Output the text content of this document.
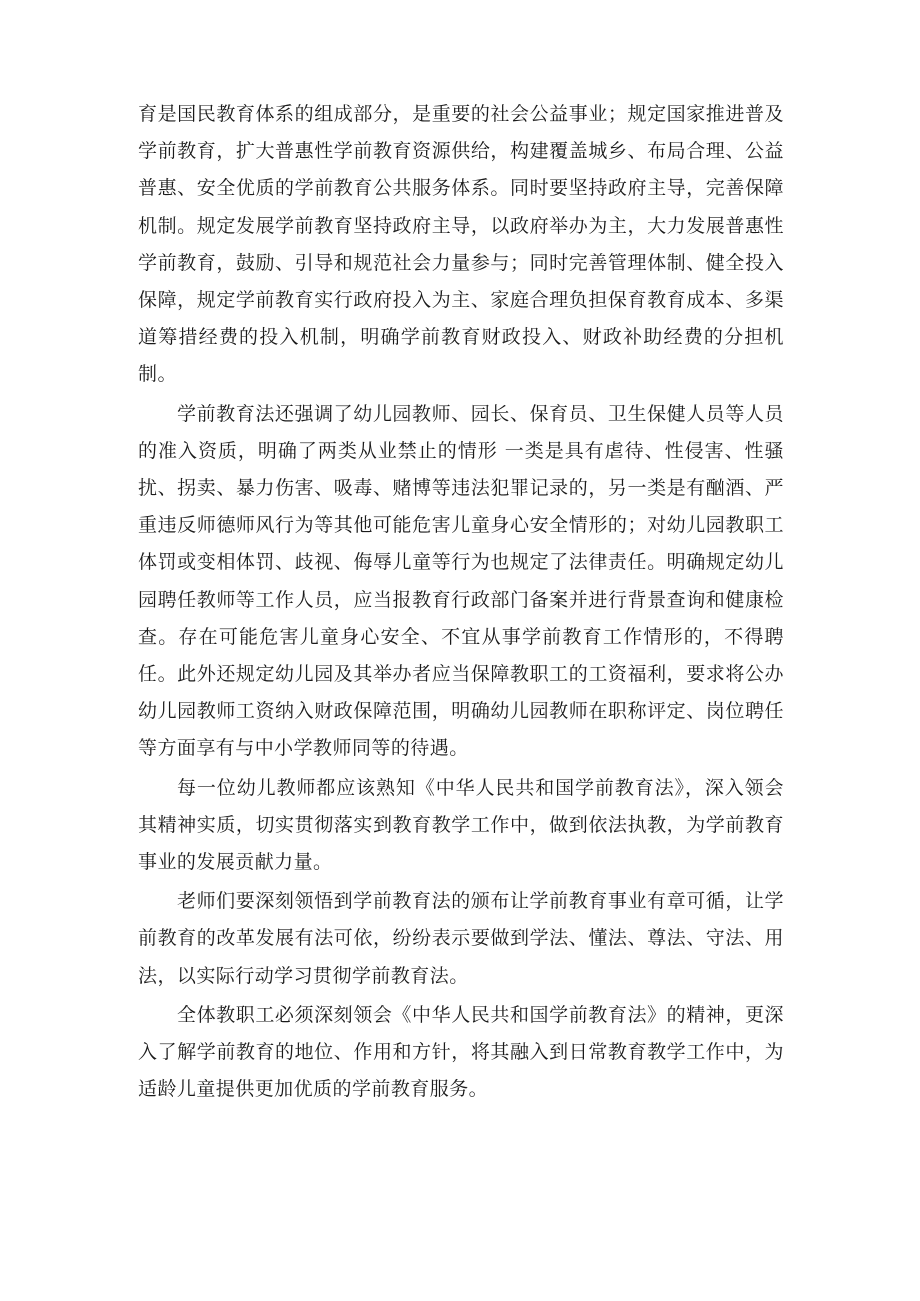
育是国民教育体系的组成部分，是重要的社会公益事业；规定国家推进普及学前教育，扩大普惠性学前教育资源供给，构建覆盖城乡、布局合理、公益普惠、安全优质的学前教育公共服务体系。同时要坚持政府主导，完善保障机制。规定发展学前教育坚持政府主导，以政府举办为主，大力发展普惠性学前教育，鼓励、引导和规范社会力量参与；同时完善管理体制、健全投入保障，规定学前教育实行政府投入为主、家庭合理负担保育教育成本、多渠道筹措经费的投入机制，明确学前教育财政投入、财政补助经费的分担机制。

学前教育法还强调了幼儿园教师、园长、保育员、卫生保健人员等人员的准入资质，明确了两类从业禁止的情形 一类是具有虐待、性侵害、性骚扰、拐卖、暴力伤害、吸毒、赌博等违法犯罪记录的，另一类是有酗酒、严重违反师德师风行为等其他可能危害儿童身心安全情形的；对幼儿园教职工体罚或变相体罚、歧视、侮辱儿童等行为也规定了法律责任。明确规定幼儿园聘任教师等工作人员，应当报教育行政部门备案并进行背景查询和健康检查。存在可能危害儿童身心安全、不宜从事学前教育工作情形的，不得聘任。此外还规定幼儿园及其举办者应当保障教职工的工资福利，要求将公办幼儿园教师工资纳入财政保障范围，明确幼儿园教师在职称评定、岗位聘任等方面享有与中小学教师同等的待遇。

每一位幼儿教师都应该熟知《中华人民共和国学前教育法》，深入领会其精神实质，切实贯彻落实到教育教学工作中，做到依法执教，为学前教育事业的发展贡献力量。

老师们要深刻领悟到学前教育法的颁布让学前教育事业有章可循，让学前教育的改革发展有法可依，纷纷表示要做到学法、懂法、尊法、守法、用法，以实际行动学习贯彻学前教育法。

全体教职工必须深刻领会《中华人民共和国学前教育法》的精神，更深入了解学前教育的地位、作用和方针，将其融入到日常教育教学工作中，为适龄儿童提供更加优质的学前教育服务。
